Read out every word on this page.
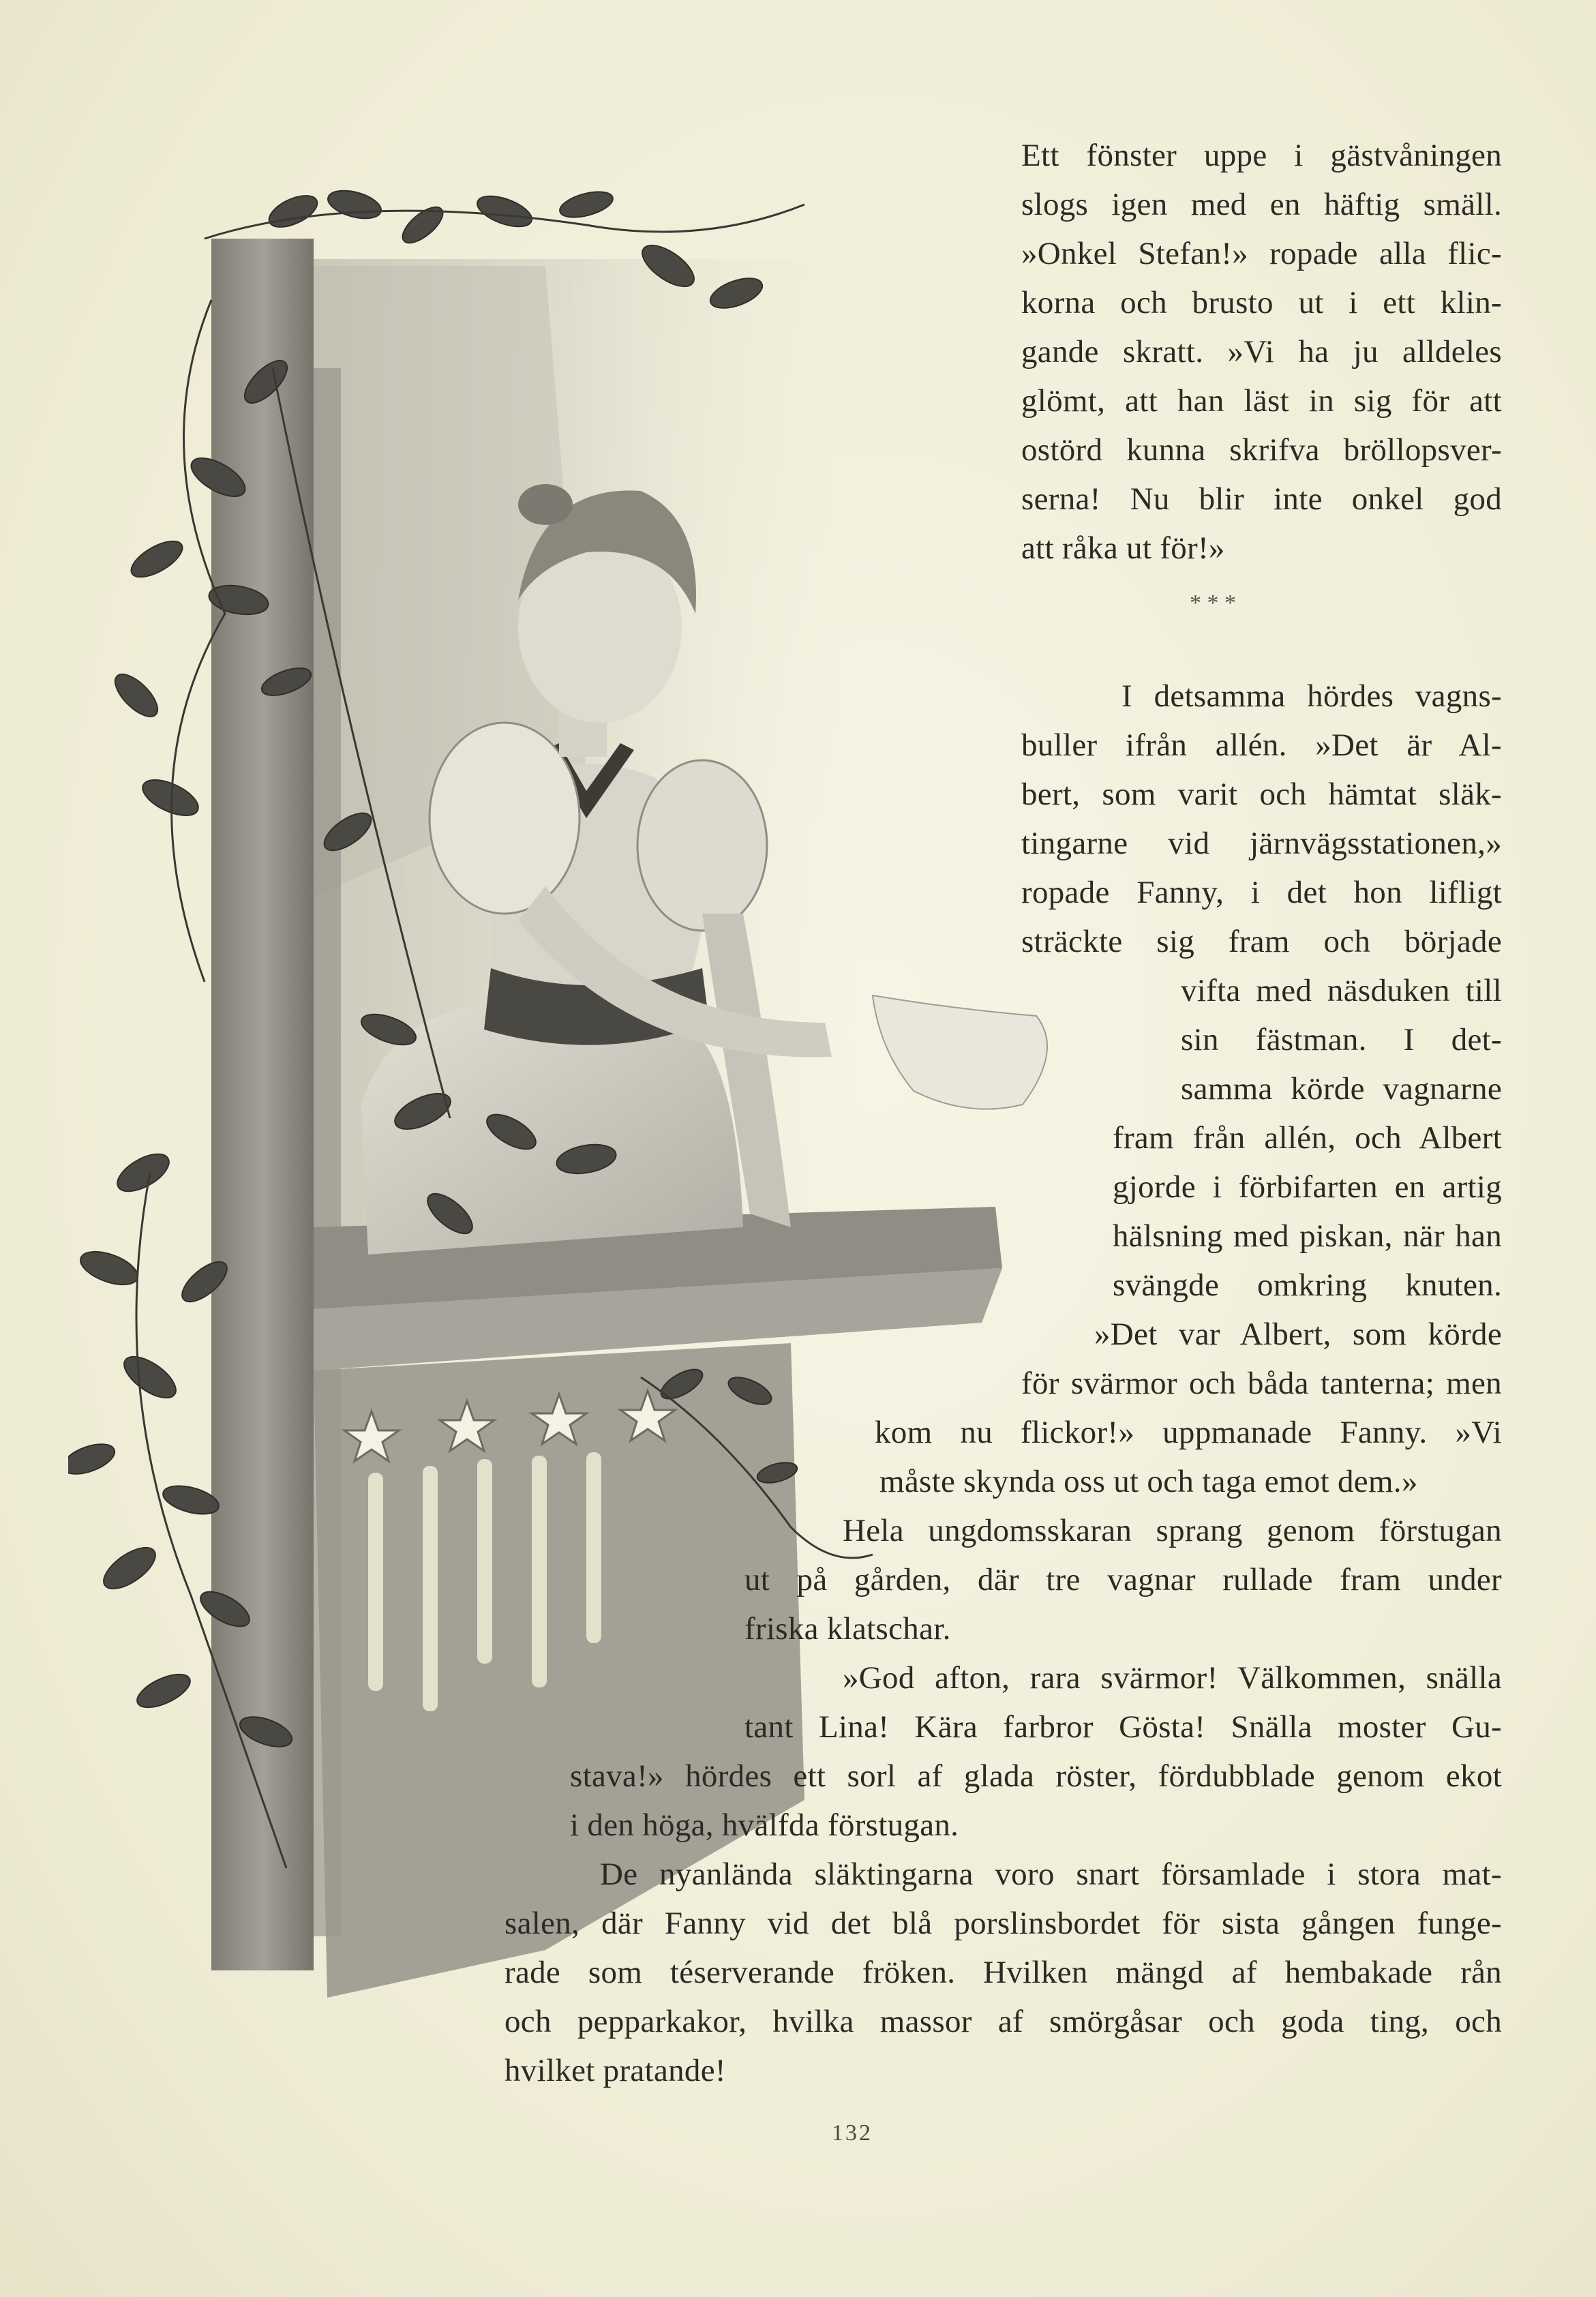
Ett fönster uppe i gästvåningen
slogs igen med en häftig smäll.
»Onkel Stefan!» ropade alla flic-
korna och brusto ut i ett klin-
gande skratt. »Vi ha ju alldeles
glömt, att han läst in sig för att
ostörd kunna skrifva bröllopsver-
serna! Nu blir inte onkel god
att råka ut för!»
* * *
I detsamma hördes vagns-
buller ifrån allén. »Det är Al-
bert, som varit och hämtat släk-
tingarne vid järnvägsstationen,»
ropade Fanny, i det hon lifligt
sträckte sig fram och började
vifta med näsduken till
sin fästman. I det-
samma körde vagnarne
fram från allén, och Albert
gjorde i förbifarten en artig
hälsning med piskan, när han
svängde omkring knuten.
»Det var Albert, som körde
för svärmor och båda tanterna; men
kom nu flickor!» uppmanade Fanny. »Vi
måste skynda oss ut och taga emot dem.»
Hela ungdomsskaran sprang genom förstugan
ut på gården, där tre vagnar rullade fram under
friska klatschar.
»God afton, rara svärmor! Välkommen, snälla
tant Lina! Kära farbror Gösta! Snälla moster Gu-
stava!» hördes ett sorl af glada röster, fördubblade genom ekot
i den höga, hvälfda förstugan.
De nyanlända släktingarna voro snart församlade i stora mat-
salen, där Fanny vid det blå porslinsbordet för sista gången funge-
rade som téserverande fröken. Hvilken mängd af hembakade rån
och pepparkakor, hvilka massor af smörgåsar och goda ting, och
hvilket pratande!
132
